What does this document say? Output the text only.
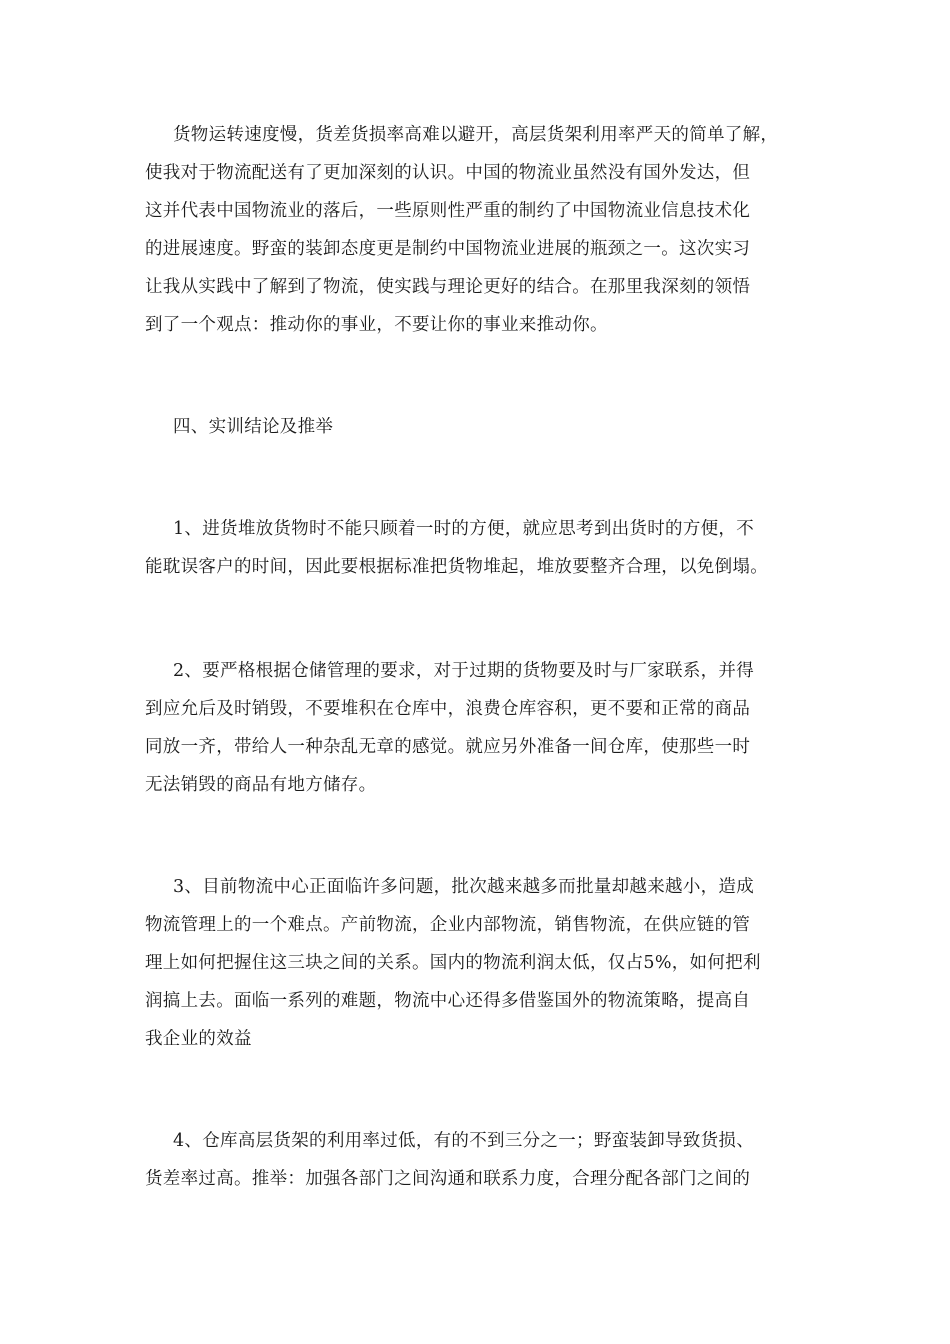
货物运转速度慢，货差货损率高难以避开，高层货架利用率严天的简单了解，
使我对于物流配送有了更加深刻的认识。中国的物流业虽然没有国外发达，但
这并代表中国物流业的落后，一些原则性严重的制约了中国物流业信息技术化
的进展速度。野蛮的装卸态度更是制约中国物流业进展的瓶颈之一。这次实习
让我从实践中了解到了物流，使实践与理论更好的结合。在那里我深刻的领悟
到了一个观点：推动你的事业，不要让你的事业来推动你。
四、实训结论及推举
1、进货堆放货物时不能只顾着一时的方便，就应思考到出货时的方便，不
能耽误客户的时间，因此要根据标准把货物堆起，堆放要整齐合理，以免倒塌。
2、要严格根据仓储管理的要求，对于过期的货物要及时与厂家联系，并得
到应允后及时销毁，不要堆积在仓库中，浪费仓库容积，更不要和正常的商品
同放一齐，带给人一种杂乱无章的感觉。就应另外准备一间仓库，使那些一时
无法销毁的商品有地方储存。
3、目前物流中心正面临许多问题，批次越来越多而批量却越来越小，造成
物流管理上的一个难点。产前物流，企业内部物流，销售物流，在供应链的管
理上如何把握住这三块之间的关系。国内的物流利润太低，仅占5%，如何把利
润搞上去。面临一系列的难题，物流中心还得多借鉴国外的物流策略，提高自
我企业的效益
4、仓库高层货架的利用率过低，有的不到三分之一；野蛮装卸导致货损、
货差率过高。推举：加强各部门之间沟通和联系力度，合理分配各部门之间的
